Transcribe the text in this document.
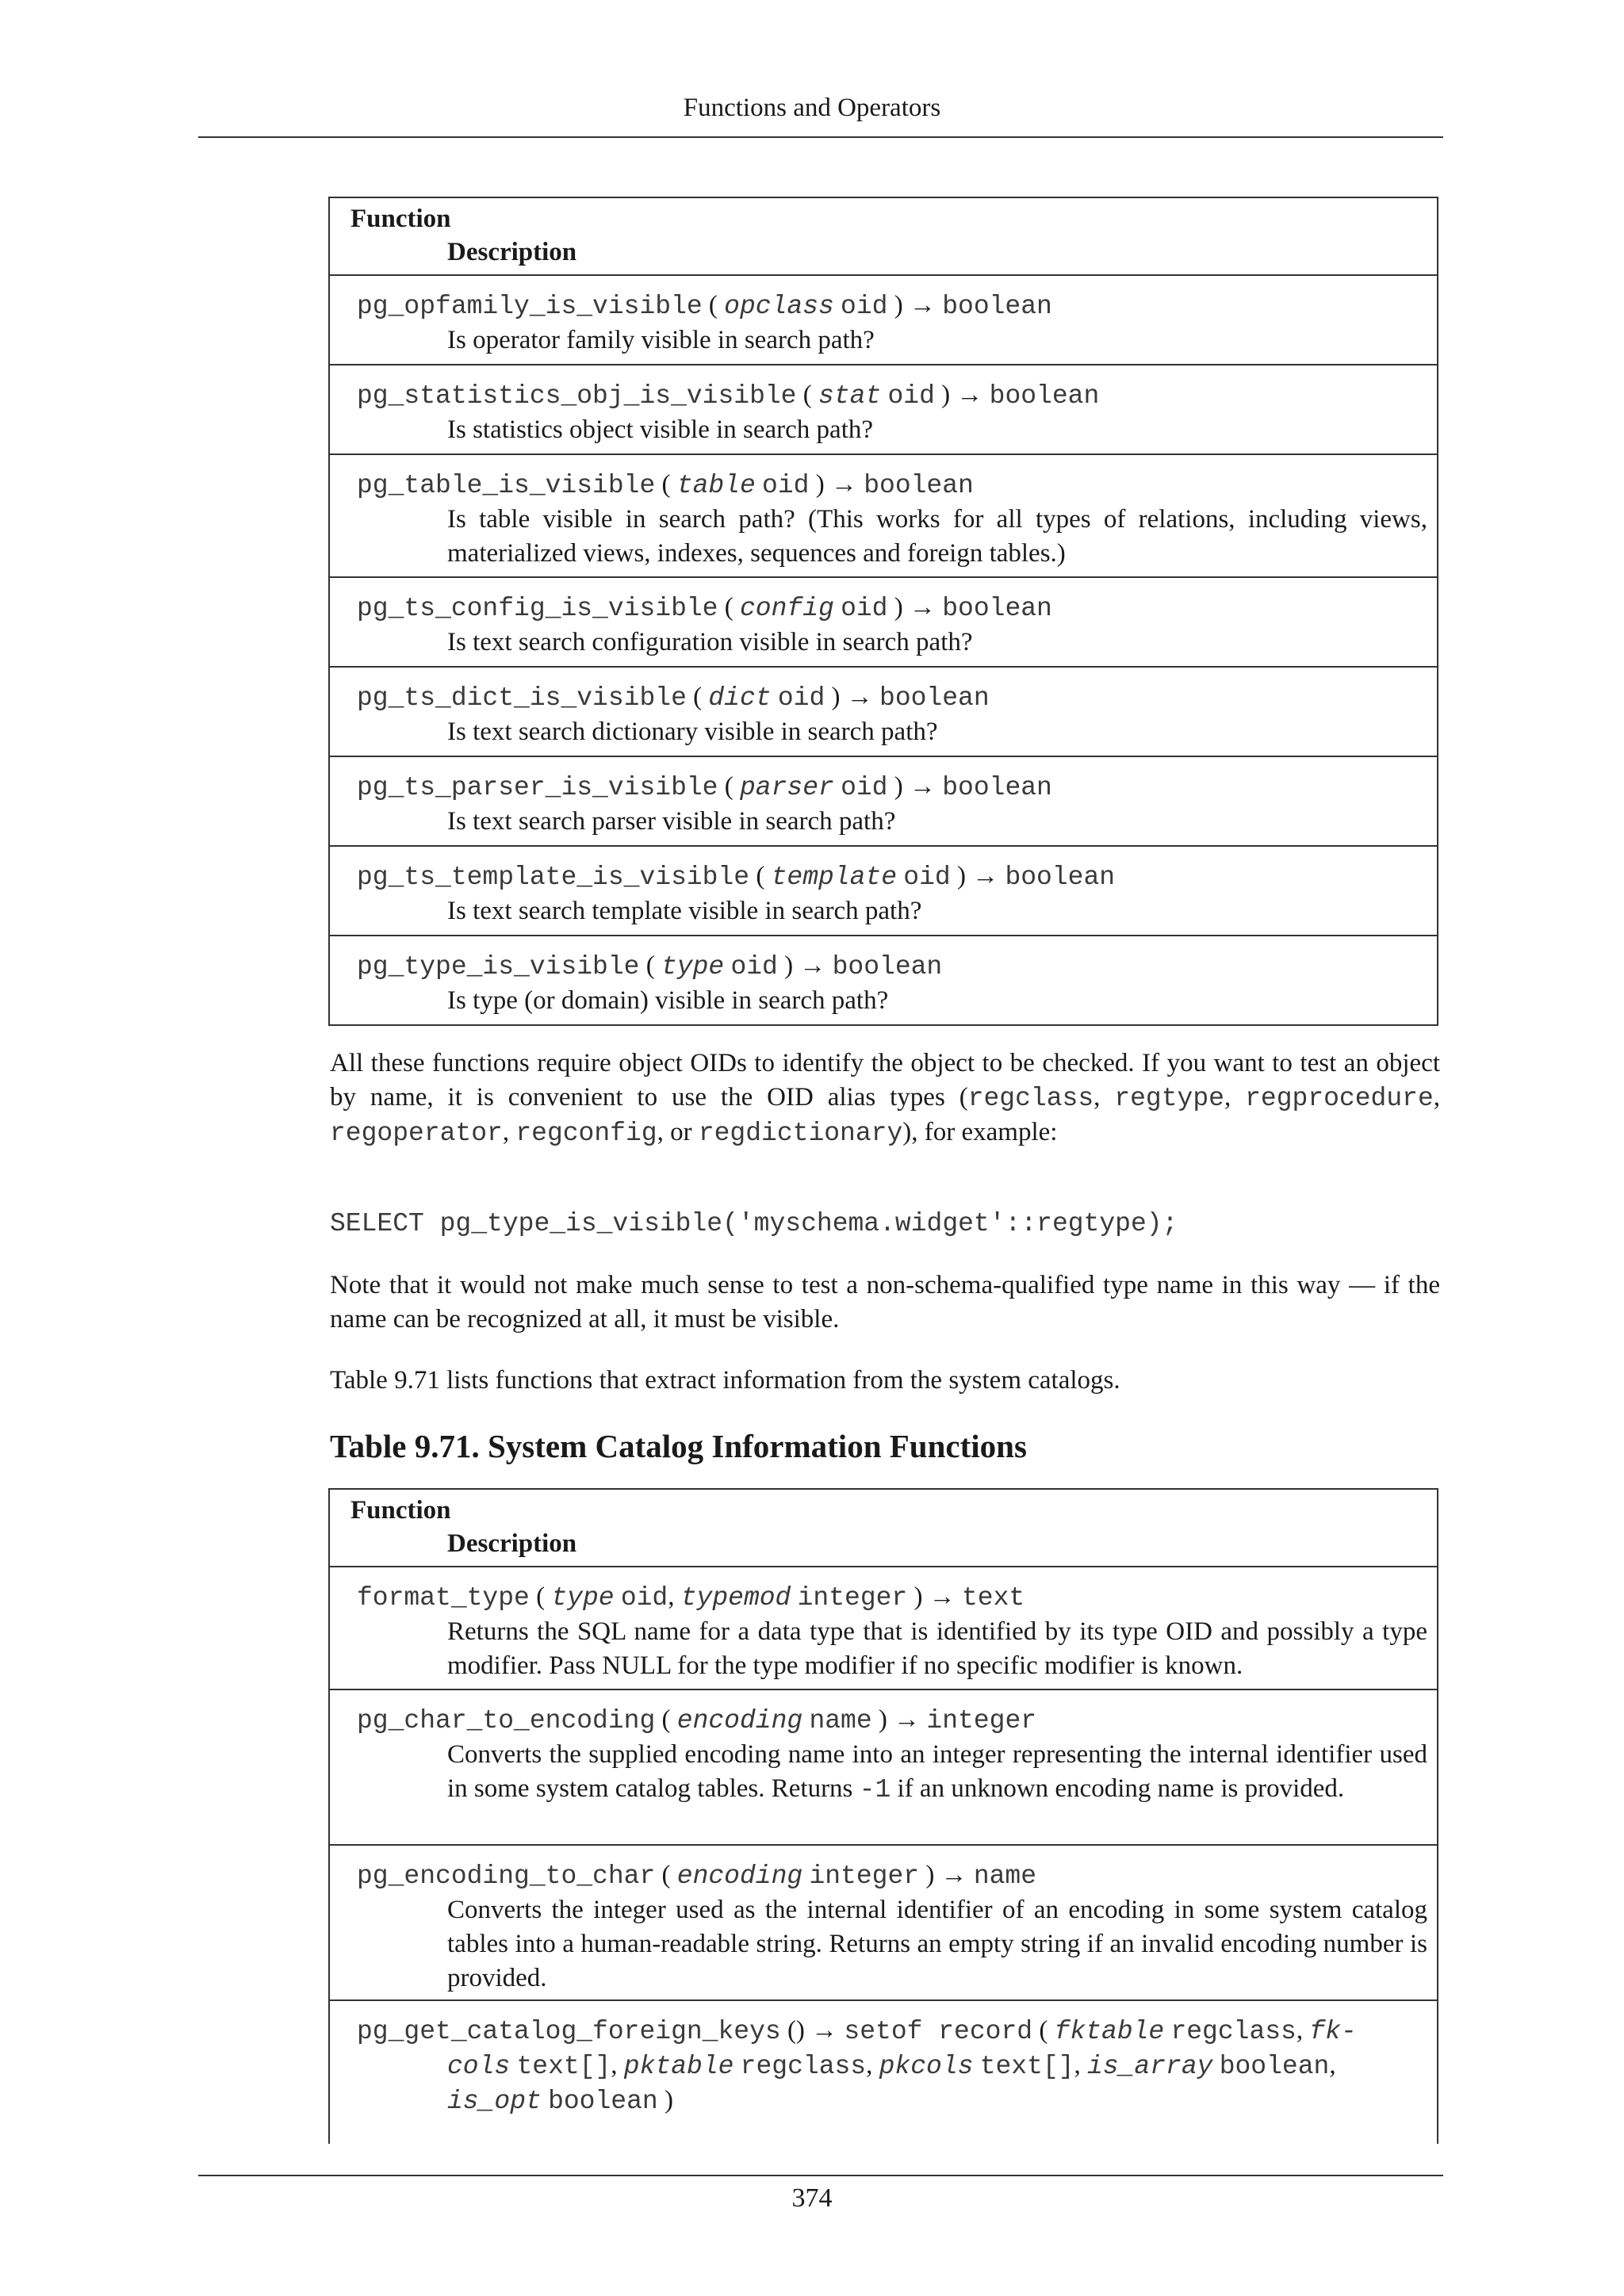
Functions and Operators
Function
Description
pg_opfamily_is_visible ( opclass oid ) → boolean
Is operator family visible in search path?
pg_statistics_obj_is_visible ( stat oid ) → boolean
Is statistics object visible in search path?
pg_table_is_visible ( table oid ) → boolean
Is table visible in search path? (This works for all types of relations, including views, materialized views, indexes, sequences and foreign tables.)
pg_ts_config_is_visible ( config oid ) → boolean
Is text search configuration visible in search path?
pg_ts_dict_is_visible ( dict oid ) → boolean
Is text search dictionary visible in search path?
pg_ts_parser_is_visible ( parser oid ) → boolean
Is text search parser visible in search path?
pg_ts_template_is_visible ( template oid ) → boolean
Is text search template visible in search path?
pg_type_is_visible ( type oid ) → boolean
Is type (or domain) visible in search path?
All these functions require object OIDs to identify the object to be checked. If you want to test an object by name, it is convenient to use the OID alias types (regclass, regtype, regprocedure, regoperator, regconfig, or regdictionary), for example:
SELECT pg_type_is_visible('myschema.widget'::regtype);
Note that it would not make much sense to test a non-schema-qualified type name in this way — if the name can be recognized at all, it must be visible.
Table 9.71 lists functions that extract information from the system catalogs.
Table 9.71. System Catalog Information Functions
Function
Description
format_type ( type oid, typemod integer ) → text
Returns the SQL name for a data type that is identified by its type OID and possibly a type modifier. Pass NULL for the type modifier if no specific modifier is known.
pg_char_to_encoding ( encoding name ) → integer
Converts the supplied encoding name into an integer representing the internal identifier used in some system catalog tables. Returns -1 if an unknown encoding name is provided.
pg_encoding_to_char ( encoding integer ) → name
Converts the integer used as the internal identifier of an encoding in some system catalog tables into a human-readable string. Returns an empty string if an invalid encoding number is provided.
pg_get_catalog_foreign_keys () → setof record ( fktable regclass, fk-
cols text[], pktable regclass, pkcols text[], is_array boolean,
is_opt boolean )
374
